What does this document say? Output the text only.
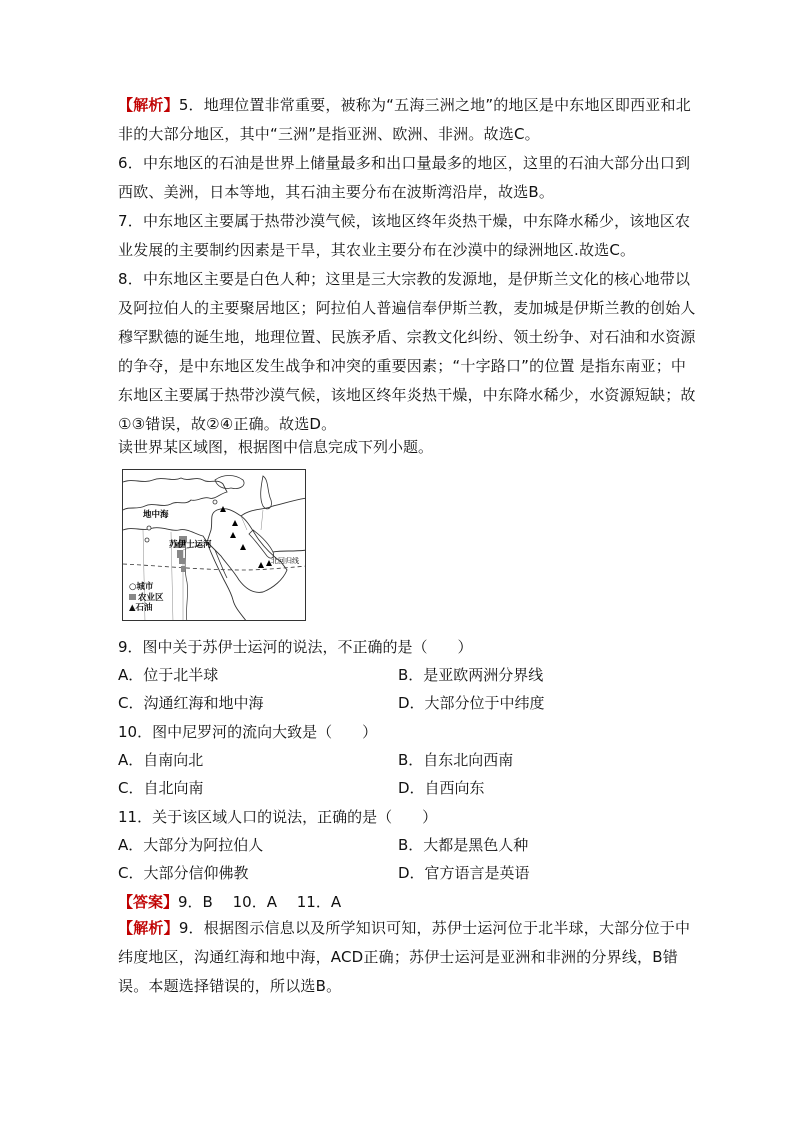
【解析】5．地理位置非常重要，被称为“五海三洲之地”的地区是中东地区即西亚和北
非的大部分地区，其中“三洲”是指亚洲、欧洲、非洲。故选C。
6．中东地区的石油是世界上储量最多和出口量最多的地区，这里的石油大部分出口到
西欧、美洲，日本等地，其石油主要分布在波斯湾沿岸，故选B。
7．中东地区主要属于热带沙漠气候，该地区终年炎热干燥，中东降水稀少，该地区农
业发展的主要制约因素是干旱，其农业主要分布在沙漠中的绿洲地区.故选C。
8．中东地区主要是白色人种；这里是三大宗教的发源地，是伊斯兰文化的核心地带以
及阿拉伯人的主要聚居地区；阿拉伯人普遍信奉伊斯兰教，麦加城是伊斯兰教的创始人
穆罕默德的诞生地，地理位置、民族矛盾、宗教文化纠纷、领土纷争、对石油和水资源
的争夺，是中东地区发生战争和冲突的重要因素；“十字路口”的位置 是指东南亚；中
东地区主要属于热带沙漠气候，该地区终年炎热干燥，中东降水稀少，水资源短缺；故
①③错误，故②④正确。故选D。
读世界某区域图，根据图中信息完成下列小题。
地中海
苏伊士运河
北回归线
○城市
农业区
▲石油
9．图中关于苏伊士运河的说法，不正确的是（　　）
A．位于北半球	B．是亚欧两洲分界线
C．沟通红海和地中海	D．大部分位于中纬度
10．图中尼罗河的流向大致是（　　）
A．自南向北	B．自东北向西南
C．自北向南	D．自西向东
11．关于该区域人口的说法，正确的是（　　）
A．大部分为阿拉伯人	B．大都是黑色人种
C．大部分信仰佛教	D．官方语言是英语
【答案】9．B　 10．A　 11．A
【解析】9．根据图示信息以及所学知识可知，苏伊士运河位于北半球，大部分位于中
纬度地区，沟通红海和地中海，ACD正确；苏伊士运河是亚洲和非洲的分界线，B错
误。本题选择错误的，所以选B。
